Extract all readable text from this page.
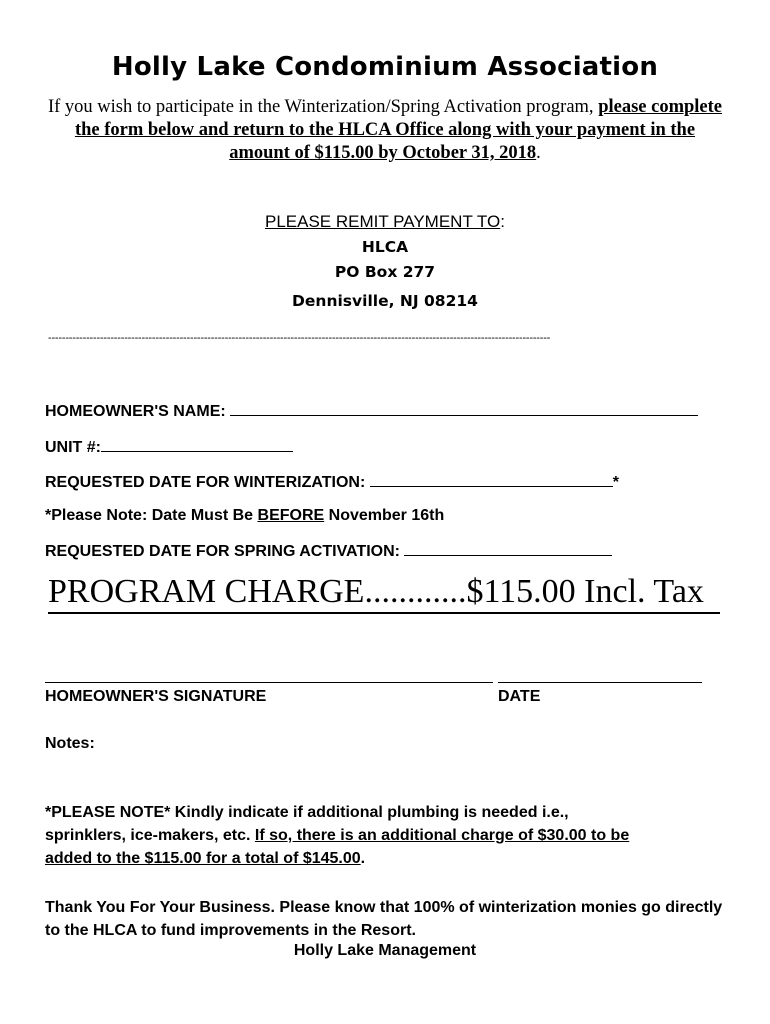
Holly Lake Condominium Association
If you wish to participate in the Winterization/Spring Activation program, please complete the form below and return to the HLCA Office along with your payment in the amount of $115.00 by October 31, 2018.
PLEASE REMIT PAYMENT TO:
HLCA
PO Box 277
Dennisville, NJ 08214
-------------------------------------------------------------------------------------------------------------------------------------------------
HOMEOWNER'S NAME:
UNIT #:
REQUESTED DATE FOR WINTERIZATION:	*
*Please Note: Date Must Be BEFORE November 16th
REQUESTED DATE FOR SPRING ACTIVATION:
PROGRAM CHARGE............$115.00 Incl. Tax
HOMEOWNER'S SIGNATURE	DATE
Notes:
*PLEASE NOTE* Kindly indicate if additional plumbing is needed i.e., sprinklers, ice-makers, etc. If so, there is an additional charge of $30.00 to be added to the $115.00 for a total of $145.00.
Thank You For Your Business. Please know that 100% of winterization monies go directly to the HLCA to fund improvements in the Resort.
Holly Lake Management
